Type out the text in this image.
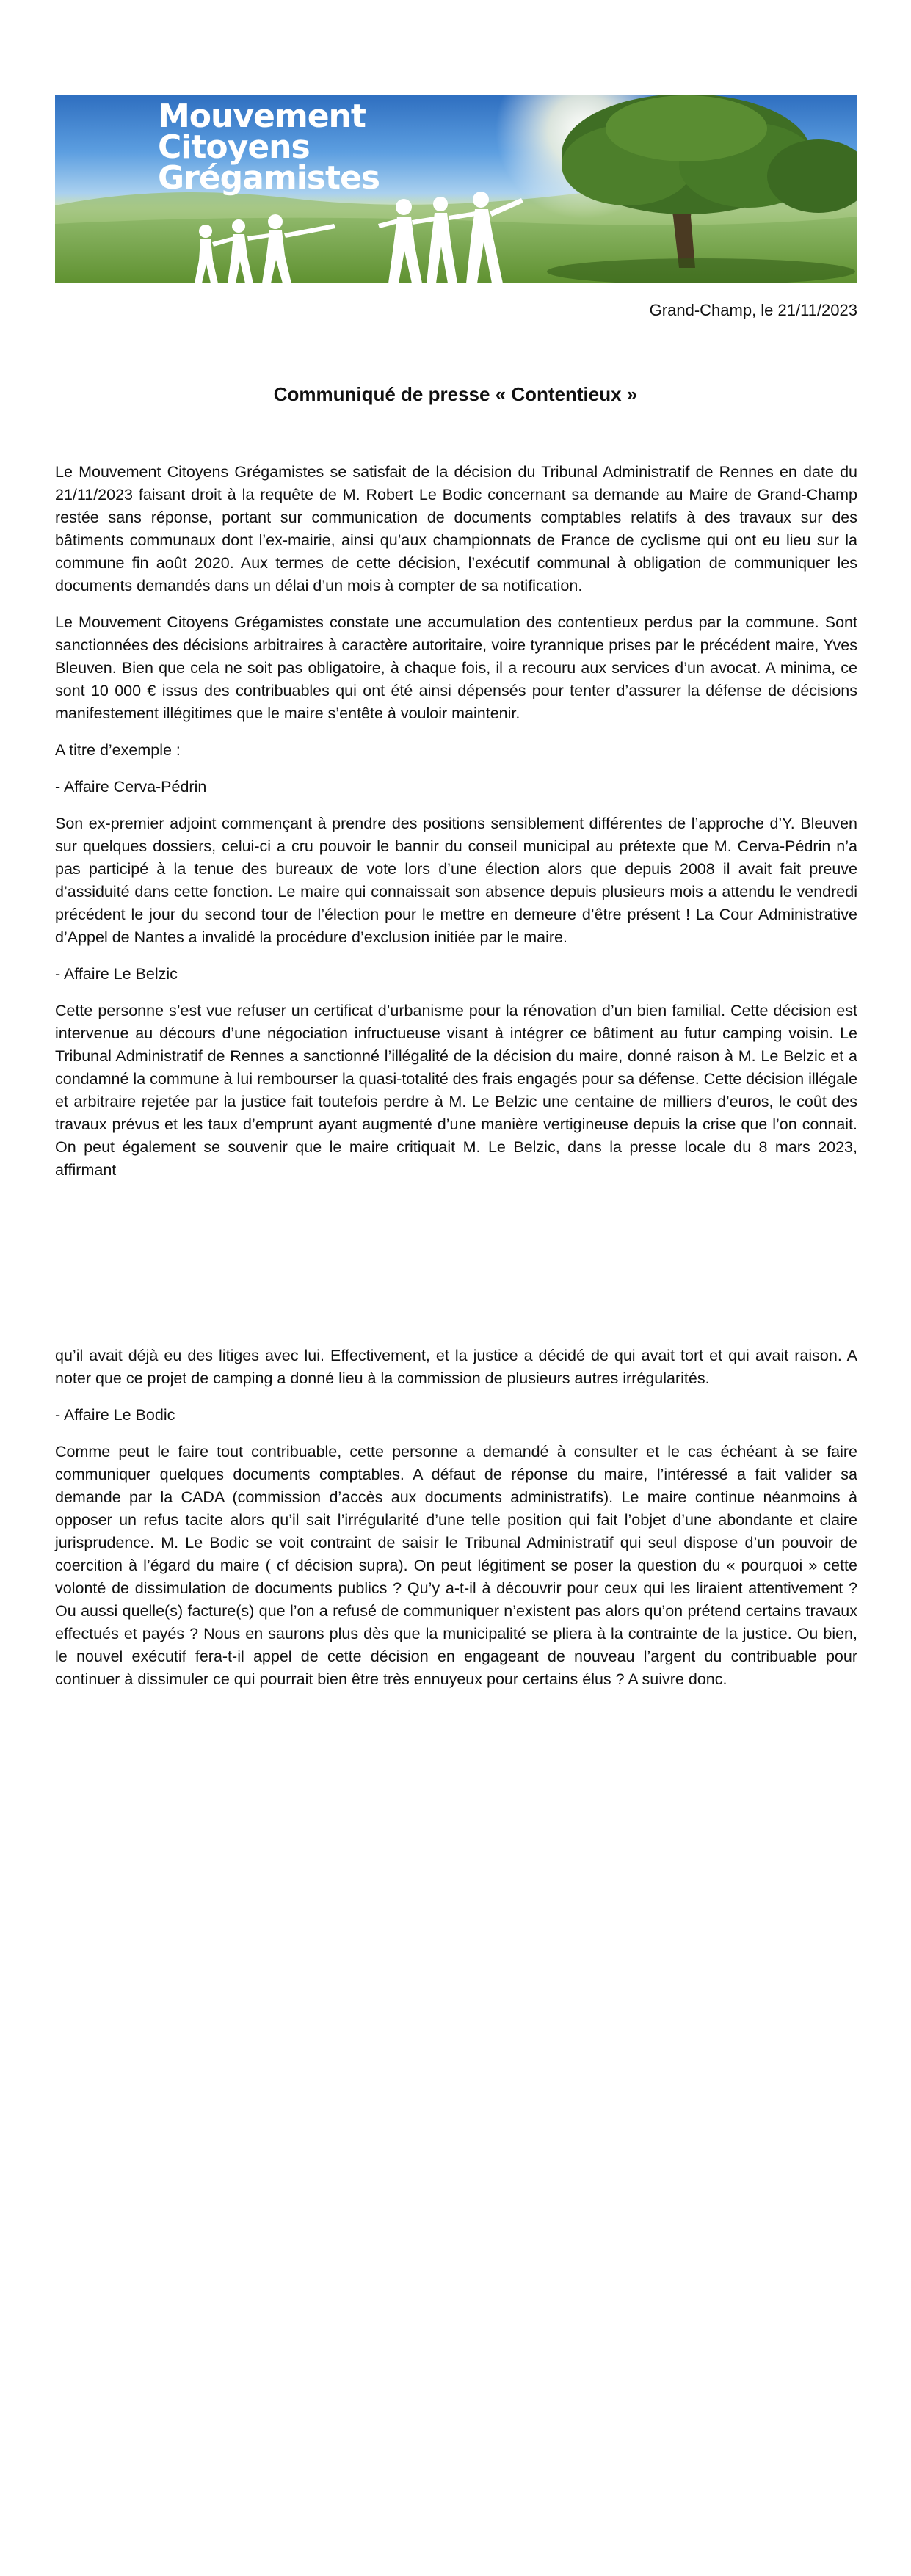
Mouvement
Citoyens
Grégamistes

Grand-Champ, le 21/11/2023

Communiqué de presse « Contentieux »

Le Mouvement Citoyens Grégamistes se satisfait de la décision du Tribunal Administratif de Rennes en date du 21/11/2023 faisant droit à la requête de M. Robert Le Bodic concernant sa demande au Maire de Grand-Champ restée sans réponse, portant sur communication de documents comptables relatifs à des travaux sur des bâtiments communaux dont l’ex-mairie, ainsi qu’aux championnats de France de cyclisme qui ont eu lieu sur la commune fin août 2020. Aux termes de cette décision, l’exécutif communal à obligation de communiquer les documents demandés dans un délai d’un mois à compter de sa notification.

Le Mouvement Citoyens Grégamistes constate une accumulation des contentieux perdus par la commune. Sont sanctionnées des décisions arbitraires à caractère autoritaire, voire tyrannique prises par le précédent maire, Yves Bleuven. Bien que cela ne soit pas obligatoire, à chaque fois, il a recouru aux services d’un avocat. A minima, ce sont 10 000 € issus des contribuables qui ont été ainsi dépensés pour tenter d’assurer la défense de décisions manifestement illégitimes que le maire s’entête à vouloir maintenir.

A titre d’exemple :

- Affaire Cerva-Pédrin

Son ex-premier adjoint commençant à prendre des positions sensiblement différentes de l’approche d’Y. Bleuven sur quelques dossiers, celui-ci a cru pouvoir le bannir du conseil municipal au prétexte que M. Cerva-Pédrin n’a pas participé à la tenue des bureaux de vote lors d’une élection alors que depuis 2008 il avait fait preuve d’assiduité dans cette fonction. Le maire qui connaissait son absence depuis plusieurs mois a attendu le vendredi précédent le jour du second tour de l’élection pour le mettre en demeure d’être présent ! La Cour Administrative d’Appel de Nantes a invalidé la procédure d’exclusion initiée par le maire.

- Affaire Le Belzic

Cette personne s’est vue refuser un certificat d’urbanisme pour la rénovation d’un bien familial. Cette décision est intervenue au décours d’une négociation infructueuse visant à intégrer ce bâtiment au futur camping voisin. Le Tribunal Administratif de Rennes a sanctionné l’illégalité de la décision du maire, donné raison à M. Le Belzic et a condamné la commune à lui rembourser la quasi-totalité des frais engagés pour sa défense. Cette décision illégale et arbitraire rejetée par la justice fait toutefois perdre à M. Le Belzic une centaine de milliers d’euros, le coût des travaux prévus et les taux d’emprunt ayant augmenté d’une manière vertigineuse depuis la crise que l’on connait. On peut également se souvenir que le maire critiquait M. Le Belzic, dans la presse locale du 8 mars 2023, affirmant

qu’il avait déjà eu des litiges avec lui. Effectivement, et la justice a décidé de qui avait tort et qui avait raison. A noter que ce projet de camping a donné lieu à la commission de plusieurs autres irrégularités.

- Affaire Le Bodic

Comme peut le faire tout contribuable, cette personne a demandé à consulter et le cas échéant à se faire communiquer quelques documents comptables. A défaut de réponse du maire, l’intéressé a fait valider sa demande par la CADA (commission d’accès aux documents administratifs). Le maire continue néanmoins à opposer un refus tacite alors qu’il sait l’irrégularité d’une telle position qui fait l’objet d’une abondante et claire jurisprudence. M. Le Bodic se voit contraint de saisir le Tribunal Administratif qui seul dispose d’un pouvoir de coercition à l’égard du maire ( cf décision supra). On peut légitiment se poser la question du « pourquoi » cette volonté de dissimulation de documents publics ? Qu’y a-t-il à découvrir pour ceux qui les liraient attentivement ? Ou aussi quelle(s) facture(s) que l’on a refusé de communiquer n’existent pas alors qu’on prétend certains travaux effectués et payés ? Nous en saurons plus dès que la municipalité se pliera à la contrainte de la justice. Ou bien, le nouvel exécutif fera-t-il appel de cette décision en engageant de nouveau l’argent du contribuable pour continuer à dissimuler ce qui pourrait bien être très ennuyeux pour certains élus ? A suivre donc.
